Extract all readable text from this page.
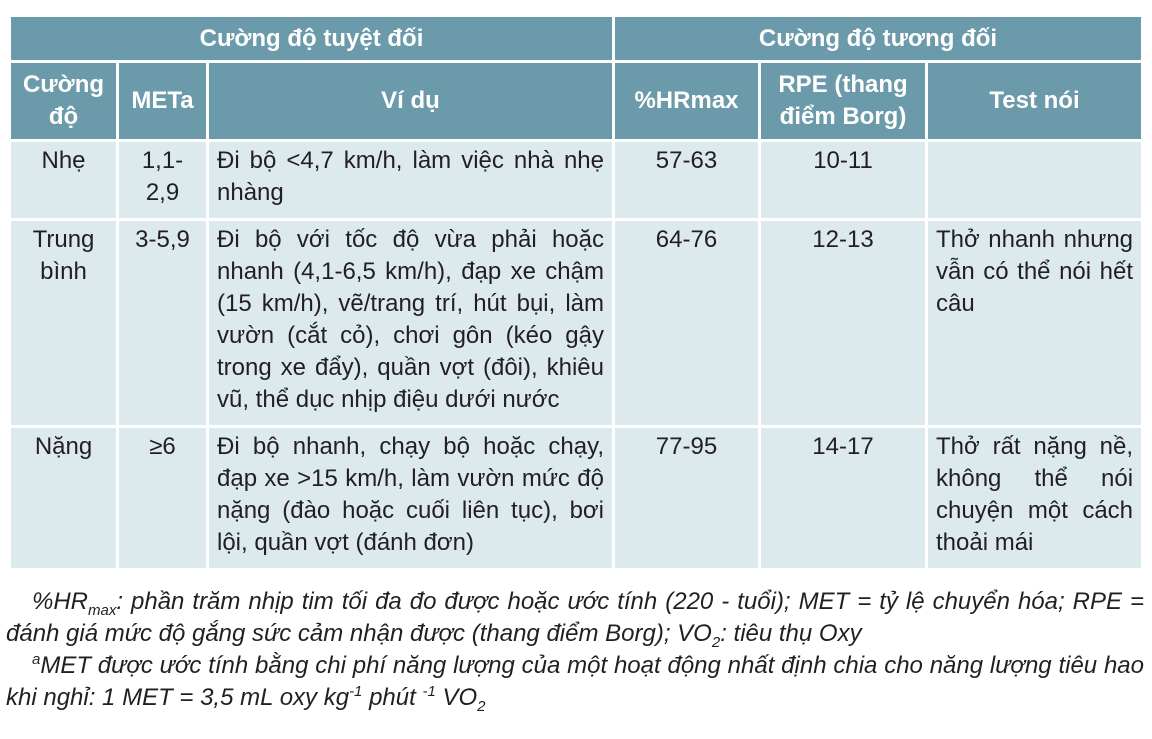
Cường độ tuyệt đối			Cường độ tương đối		
Cường độ	METa	Ví dụ	%HRmax	RPE (thang điểm Borg)	Test nói
Nhẹ	1,1-2,9	Đi bộ <4,7 km/h, làm việc nhà nhẹ nhàng	57-63	10-11	
Trung bình	3-5,9	Đi bộ với tốc độ vừa phải hoặc nhanh (4,1-6,5 km/h), đạp xe chậm (15 km/h), vẽ/trang trí, hút bụi, làm vườn (cắt cỏ), chơi gôn (kéo gậy trong xe đẩy), quần vợt (đôi), khiêu vũ, thể dục nhịp điệu dưới nước	64-76	12-13	Thở nhanh nhưng vẫn có thể nói hết câu
Nặng	≥6	Đi bộ nhanh, chạy bộ hoặc chạy, đạp xe >15 km/h, làm vườn mức độ nặng (đào hoặc cuối liên tục), bơi lội, quần vợt (đánh đơn)	77-95	14-17	Thở rất nặng nề, không thể nói chuyện một cách thoải mái

$\%HR_{max}$: phần trăm nhịp tim tối đa đo được hoặc ước tính (220 - tuổi); MET = tỷ lệ chuyển hóa; RPE = đánh giá mức độ gắng sức cảm nhận được (thang điểm Borg); $VO_2$: tiêu thụ Oxy

$^a$MET được ước tính bằng chi phí năng lượng của một hoạt động nhất định chia cho năng lượng tiêu hao khi nghỉ: 1 MET = 3,5 mL oxy $kg^{-1}$ phút $^{-1}$ $VO_2$
